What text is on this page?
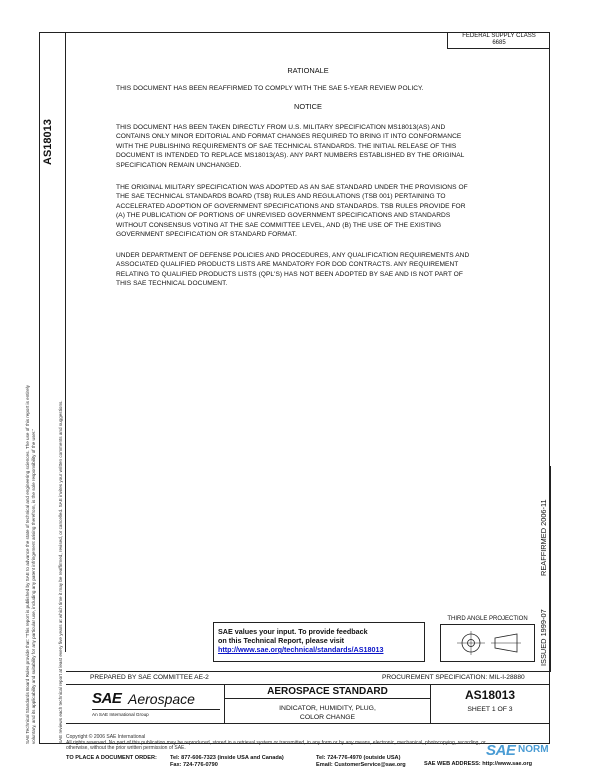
AS18013
SAE Technical Standards Board Rules provide that: "This report is published by SAE to advance the state of technical and engineering sciences. The use of this report is entirely voluntary, and its applicability and suitability for any particular use, including any patent infringement arising therefrom, is the sole responsibility of the user."	SAE reviews each technical report at least every five years at which time it may be reaffirmed, revised, or cancelled. SAE invites your written comments and suggestions.
FEDERAL SUPPLY CLASS
6685
RATIONALE
THIS DOCUMENT HAS BEEN REAFFIRMED TO COMPLY WITH THE SAE 5-YEAR REVIEW POLICY.
NOTICE
THIS DOCUMENT HAS BEEN TAKEN DIRECTLY FROM U.S. MILITARY SPECIFICATION MS18013(AS) AND
CONTAINS ONLY MINOR EDITORIAL AND FORMAT CHANGES REQUIRED TO BRING IT INTO CONFORMANCE
WITH THE PUBLISHING REQUIREMENTS OF SAE TECHNICAL STANDARDS. THE INITIAL RELEASE OF THIS
DOCUMENT IS INTENDED TO REPLACE MS18013(AS). ANY PART NUMBERS ESTABLISHED BY THE ORIGINAL
SPECIFICATION REMAIN UNCHANGED.
THE ORIGINAL MILITARY SPECIFICATION WAS ADOPTED AS AN SAE STANDARD UNDER THE PROVISIONS OF
THE SAE TECHNICAL STANDARDS BOARD (TSB) RULES AND REGULATIONS (TSB 001) PERTAINING TO
ACCELERATED ADOPTION OF GOVERNMENT SPECIFICATIONS AND STANDARDS. TSB RULES PROVIDE FOR
(A) THE PUBLICATION OF PORTIONS OF UNREVISED GOVERNMENT SPECIFICATIONS AND STANDARDS
WITHOUT CONSENSUS VOTING AT THE SAE COMMITTEE LEVEL, AND (B) THE USE OF THE EXISTING
GOVERNMENT SPECIFICATION OR STANDARD FORMAT.
UNDER DEPARTMENT OF DEFENSE POLICIES AND PROCEDURES, ANY QUALIFICATION REQUIREMENTS AND
ASSOCIATED QUALIFIED PRODUCTS LISTS ARE MANDATORY FOR DOD CONTRACTS. ANY REQUIREMENT
RELATING TO QUALIFIED PRODUCTS LISTS (QPL'S) HAS NOT BEEN ADOPTED BY SAE AND IS NOT PART OF
THIS SAE TECHNICAL DOCUMENT.
REAFFIRMED 2006-11
ISSUED 1999-07
SAE values your input. To provide feedback
on this Technical Report, please visit
http://www.sae.org/technical/standards/AS18013
THIRD ANGLE PROJECTION
PREPARED BY SAE COMMITTEE AE-2	PROCUREMENT SPECIFICATION: MIL-I-28880
SAE Aerospace
An SAE International Group
AEROSPACE STANDARD
INDICATOR, HUMIDITY, PLUG,
COLOR CHANGE
AS18013
SHEET 1 OF 3
Copyright © 2006 SAE International
All rights reserved. No part of this publication may be reproduced, stored in a retrieval system or transmitted, in any form or by any means, electronic, mechanical, photocopying, recording, or
otherwise, without the prior written permission of SAE.
TO PLACE A DOCUMENT ORDER: Tel: 877-606-7323 (inside USA and Canada)
Fax: 724-776-0790
Tel: 724-776-4970 (outside USA)
Email: CustomerService@sae.org	SAE WEB ADDRESS: http://www.sae.org
SAE NORM
